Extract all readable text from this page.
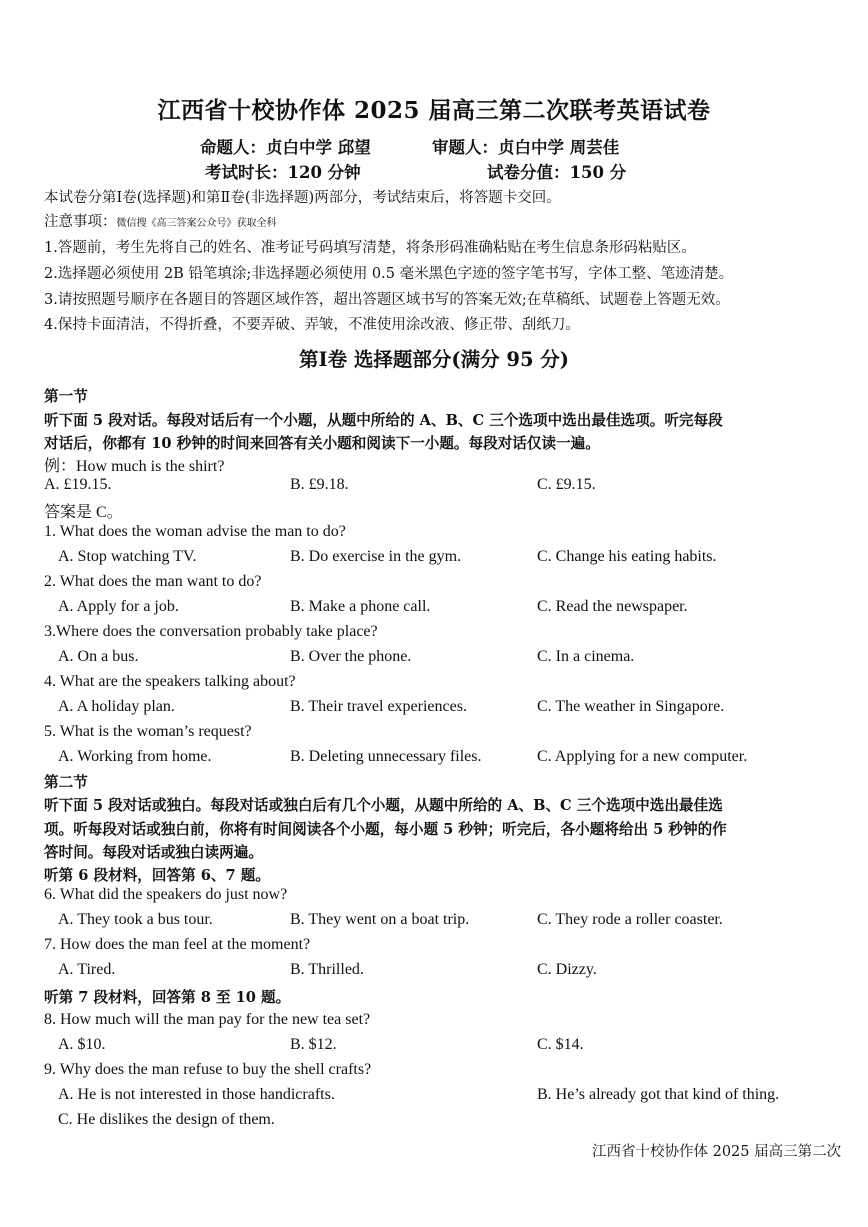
江西省十校协作体 2025 届高三第二次联考英语试卷
命题人：贞白中学 邱望	审题人：贞白中学 周芸佳
考试时长：120 分钟	试卷分值：150 分
本试卷分第Ⅰ卷(选择题)和第Ⅱ卷(非选择题)两部分，考试结束后，将答题卡交回。
注意事项：微信搜《高三答案公众号》获取全科
1.答题前，考生先将自己的姓名、准考证号码填写清楚，将条形码准确粘贴在考生信息条形码粘贴区。
2.选择题必须使用 2B 铅笔填涂;非选择题必须使用 0.5 毫米黑色字迹的签字笔书写，字体工整、笔迹清楚。
3.请按照题号顺序在各题目的答题区域作答，超出答题区域书写的答案无效;在草稿纸、试题卷上答题无效。
4.保持卡面清洁，不得折叠，不要弄破、弄皱，不准使用涂改液、修正带、刮纸刀。
第Ⅰ卷 选择题部分(满分 95 分)
第一节
听下面 5 段对话。每段对话后有一个小题，从题中所给的 A、B、C 三个选项中选出最佳选项。听完每段
对话后，你都有 10 秒钟的时间来回答有关小题和阅读下一小题。每段对话仅读一遍。
例：How much is the shirt?
A. £19.15.	B. £9.18.	C. £9.15.
答案是 C。
1. What does the woman advise the man to do?
A. Stop watching TV.	B. Do exercise in the gym.	C. Change his eating habits.
2. What does the man want to do?
A. Apply for a job.	B. Make a phone call.	C. Read the newspaper.
3.Where does the conversation probably take place?
A. On a bus.	B. Over the phone.	C. In a cinema.
4. What are the speakers talking about?
A. A holiday plan.	B. Their travel experiences.	C. The weather in Singapore.
5. What is the woman’s request?
A. Working from home.	B. Deleting unnecessary files.	C. Applying for a new computer.
第二节
听下面 5 段对话或独白。每段对话或独白后有几个小题，从题中所给的 A、B、C 三个选项中选出最佳选
项。听每段对话或独白前，你将有时间阅读各个小题，每小题 5 秒钟；听完后，各小题将给出 5 秒钟的作
答时间。每段对话或独白读两遍。
听第 6 段材料，回答第 6、7 题。
6. What did the speakers do just now?
A. They took a bus tour.	B. They went on a boat trip.	C. They rode a roller coaster.
7. How does the man feel at the moment?
A. Tired.	B. Thrilled.	C. Dizzy.
听第 7 段材料，回答第 8 至 10 题。
8. How much will the man pay for the new tea set?
A. $10.	B. $12.	C. $14.
9. Why does the man refuse to buy the shell crafts?
A. He is not interested in those handicrafts.	B. He’s already got that kind of thing.
C. He dislikes the design of them.
江西省十校协作体 2025 届高三第二次
